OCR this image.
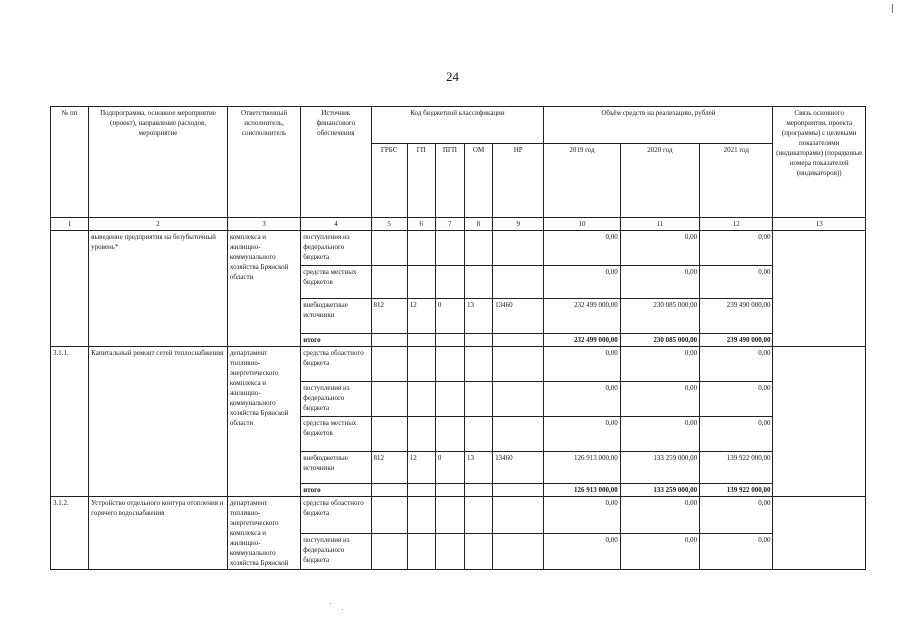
24
№ пп	Подпрограмма, основное мероприятие (проект), направление расходов, мероприятие	Ответственный исполнитель, соисполнитель	Источник финансового обеспечения	Код бюджетной классификации					Объём средств на реализацию, рублей			Связь основного мероприятия, проекта (программы) с целевыми показателями (индикаторами) (порядковые номера показателей (индикаторов))
				ГРБС	ГП	ПГП	ОМ	НР	2019 год	2020 год	2021 год	
1	2	3	4	5	6	7	8	9	10	11	12	13
	выведение предприятия на безубыточный уровень*	комплекса и жилищно-коммунального хозяйства Брянской области	поступления из федерального бюджета						0,00	0,00	0,00	
			средства местных бюджетов						0,00	0,00	0,00	
			внебюджетные источники	812	12	0	13	13460	232 499 000,00	230 085 000,00	239 490 000,00	
			итого						232 499 000,00	230 085 000,00	239 490 000,00	
3.1.1.	Капитальный ремонт сетей теплоснабжения	департамент топливно-энергетического комплекса и жилищно-коммунального хозяйства Брянской области	средства областного бюджета						0,00	0,00	0,00	
			поступления из федерального бюджета						0,00	0,00	0,00	
			средства местных бюджетов						0,00	0,00	0,00	
			внебюджетные источники	812	12	0	13	13460	126 913 000,00	133 259 000,00	139 922 000,00	
			итого						126 913 000,00	133 259 000,00	139 922 000,00	
3.1.2.	Устройство отдельного контура отопления и горячего водоснабжения	департамент топливно-энергетического комплекса и жилищно-коммунального хозяйства Брянской	средства областного бюджета						0,00	0,00	0,00	
			поступления из федерального бюджета						0,00	0,00	0,00	
